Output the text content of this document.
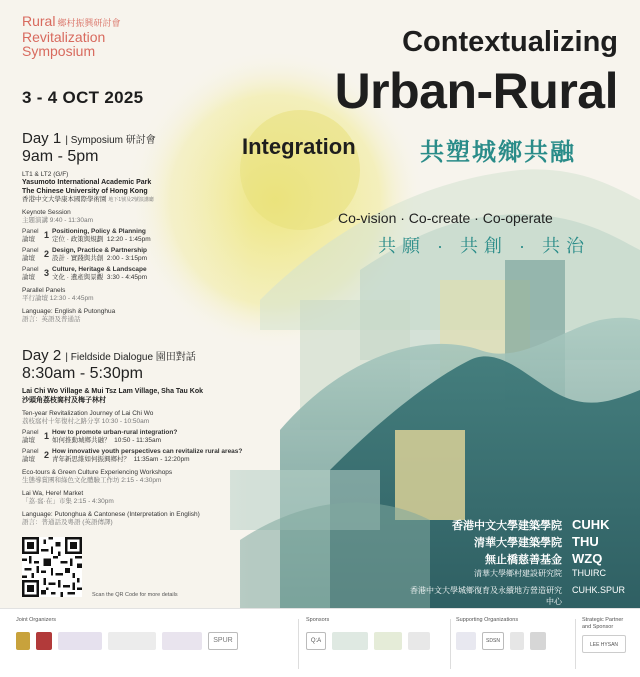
Rural 鄉村振興研討會
Revitalization
Symposium
3 - 4 OCT 2025
Contextualizing
Urban-Rural
Integration	共塑城鄉共融
Co-vision · Co-create · Co-operate
共願 · 共創 · 共治
Day 1 | Symposium 研討會
9am - 5pm
LT1 & LT2 (G/F)
Yasumoto International Academic Park
The Chinese University of Hong Kong
香港中文大學康本國際學術園 地下1號及2號演講廳
Keynote Session
主題演講 9:40 - 11:30am
Panel
論壇	1 Positioning, Policy & Planning
定位 · 政策與規劃 12:20 - 1:45pm
Panel
論壇	2 Design, Practice & Partnership
設計 · 實踐與共創 2:00 - 3:15pm
Panel
論壇	3 Culture, Heritage & Landscape
文化 · 遺產與景觀 3:30 - 4:45pm
Parallel Panels
平行論壇 12:30 - 4:45pm
Language: English & Putonghua
語言：英語及普通話
Day 2 | Fieldside Dialogue 園田對話
8:30am - 5:30pm
Lai Chi Wo Village & Mui Tsz Lam Village, Sha Tau Kok
沙頭角荔枝窩村及梅子林村
Ten-year Revitalization Journey of Lai Chi Wo
荔枝窩村十年復村之路分享 10:30 - 10:50am
Panel
論壇	1 How to promote urban-rural integration?
如何推動城鄉共融？ 10:50 - 11:35am
Panel
論壇	2 How innovative youth perspectives can revitalize rural areas?
青年新思維如何振興鄉村？ 11:35am - 12:20pm
Eco-tours & Green Culture Experiencing Workshops
生態導賞團和綠色文化體驗工作坊 2:15 - 4:30pm
Lai Wa, Here! Market
「荔·窩·在」市集 2:15 - 4:30pm
Language: Putonghua & Cantonese (Interpretation in English)
語言：普通話及粵語 (英語傳譯)
Scan the QR Code for more details
香港中文大學建築學院 CUHK
清華大學建築學院 THU
無止橋慈善基金 WZQ
清華大學鄉村建設研究院 THUIRC
香港中文大學城鄉復育及永續地方營造研究中心
CUHK.SPUR
Joint Organizers
SPUR
Sponsors
Q:A
Supporting Organizations
SDSN
Strategic Partner
and Sponsor
LEE HYSAN
